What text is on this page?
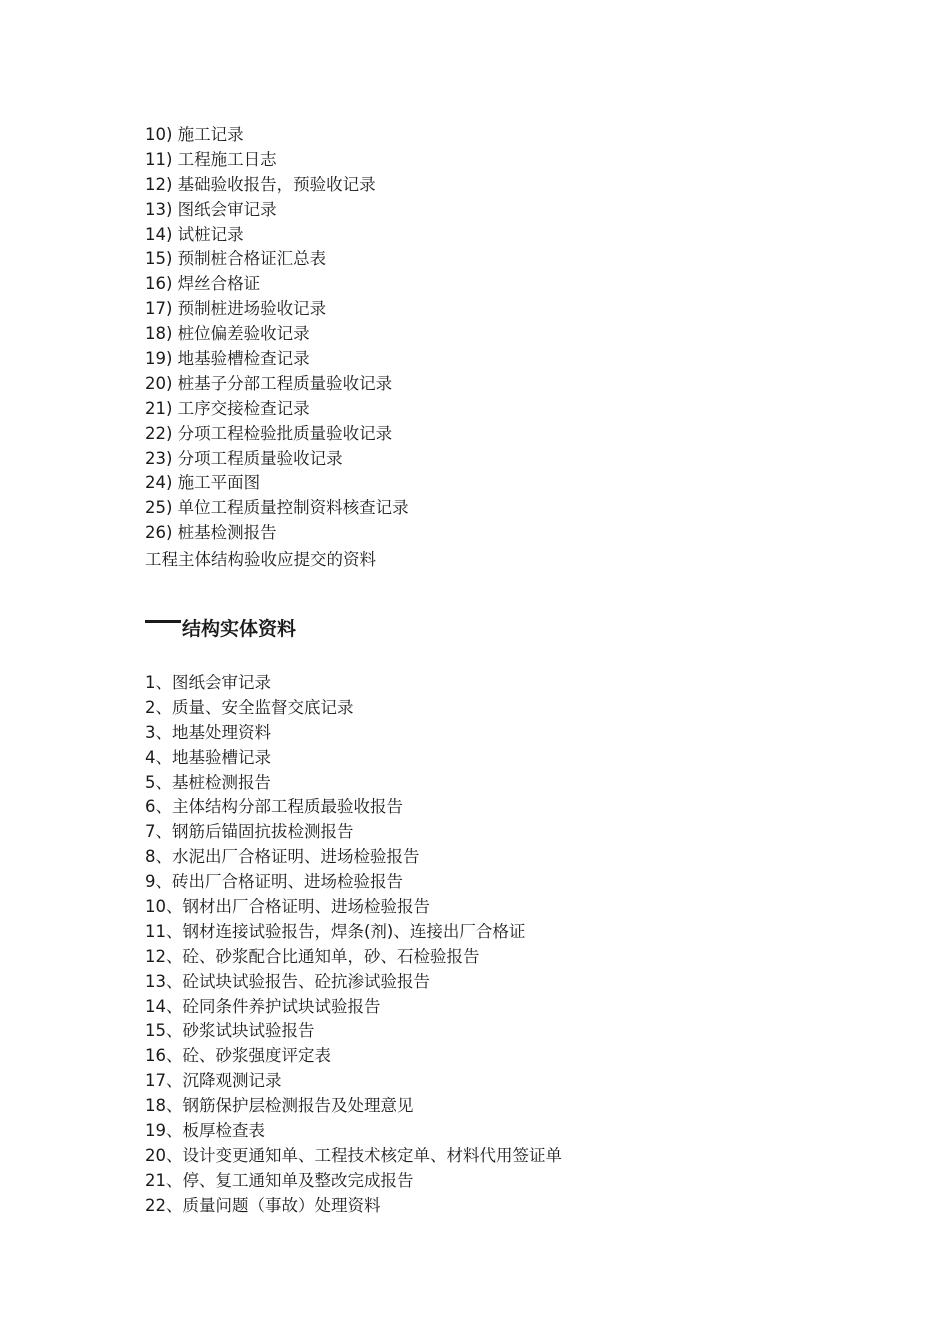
10) 施工记录
11) 工程施工日志
12) 基础验收报告，预验收记录
13) 图纸会审记录
14) 试桩记录
15) 预制桩合格证汇总表
16) 焊丝合格证
17) 预制桩进场验收记录
18) 桩位偏差验收记录
19) 地基验槽检查记录
20) 桩基子分部工程质量验收记录
21) 工序交接检查记录
22) 分项工程检验批质量验收记录
23) 分项工程质量验收记录
24) 施工平面图
25) 单位工程质量控制资料核查记录
26) 桩基检测报告
工程主体结构验收应提交的资料
结构实体资料
1、图纸会审记录
2、质量、安全监督交底记录
3、地基处理资料
4、地基验槽记录
5、基桩检测报告
6、主体结构分部工程质最验收报告
7、钢筋后锚固抗拔检测报告
8、水泥出厂合格证明、进场检验报告
9、砖出厂合格证明、进场检验报告
10、钢材出厂合格证明、进场检验报告
11、钢材连接试验报告，焊条(剂)、连接出厂合格证
12、砼、砂浆配合比通知单，砂、石检验报告
13、砼试块试验报告、砼抗渗试验报告
14、砼同条件养护试块试验报告
15、砂浆试块试验报告
16、砼、砂浆强度评定表
17、沉降观测记录
18、钢筋保护层检测报告及处理意见
19、板厚检查表
20、设计变更通知单、工程技术核定单、材料代用签证单
21、停、复工通知单及整改完成报告
22、质量问题（事故）处理资料
